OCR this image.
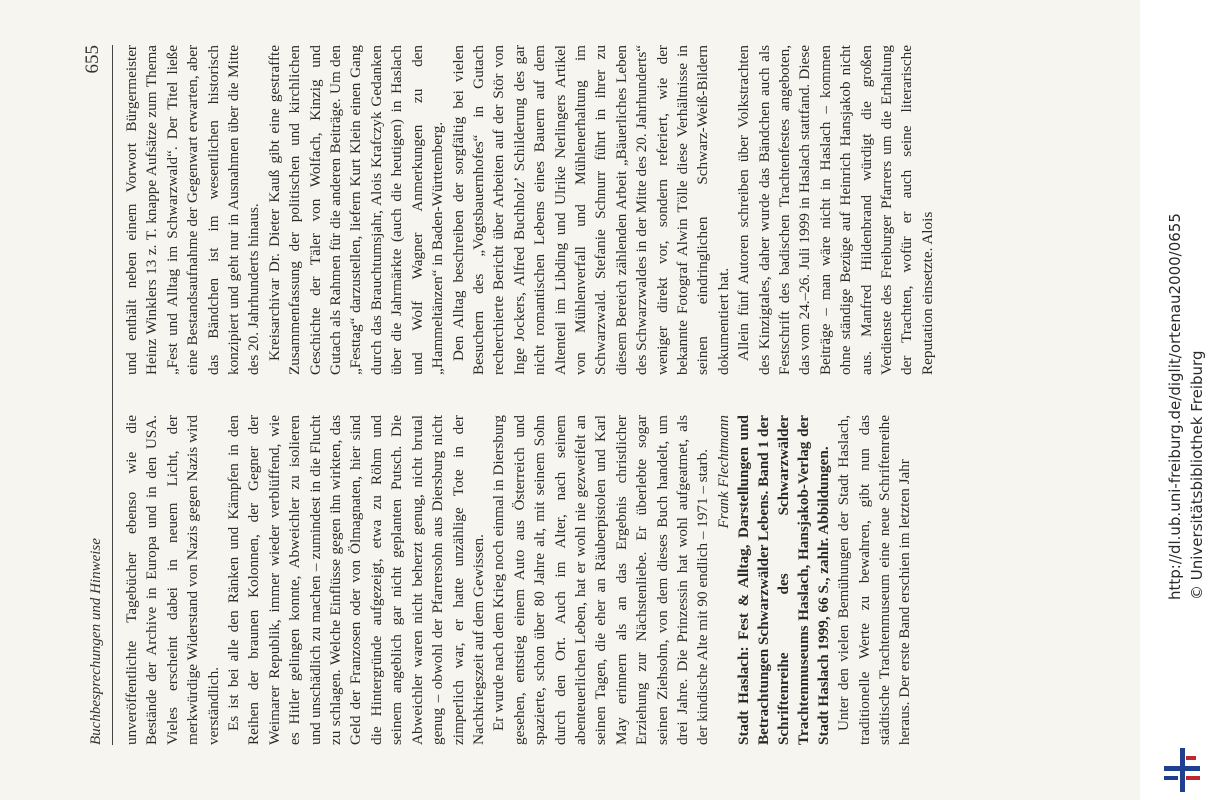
Buchbesprechungen und Hinweise
655

unveröffentlichte Tagebücher ebenso wie die Bestände der Archive in Europa und in den USA. Vieles erscheint dabei in neuem Licht, der merkwürdige Widerstand von Nazis gegen Nazis wird verständlich. Es ist bei alle den Ränken und Kämpfen in den Reihen der braunen Kolonnen, der Gegner der Weimarer Republik, immer wieder verblüffend, wie es Hitler gelingen konnte, Abweichler zu isolieren und unschädlich zu machen – zumindest in die Flucht zu schlagen. Welche Einflüsse gegen ihn wirkten, das Geld der Franzosen oder von Ölmagnaten, hier sind die Hintergründe aufgezeigt, etwa zu Röhm und seinem angeblich gar nicht geplanten Putsch. Die Abweichler waren nicht beherzt genug, nicht brutal genug – obwohl der Pfarrersohn aus Diersburg nicht zimperlich war, er hatte unzählige Tote in der Nachkriegszeit auf dem Gewissen. Er wurde nach dem Krieg noch einmal in Diersburg gesehen, entstieg einem Auto aus Österreich und spazierte, schon über 80 Jahre alt, mit seinem Sohn durch den Ort. Auch im Alter, nach seinem abenteuerlichen Leben, hat er wohl nie gezweifelt an seinen Tagen, die eher an Räuberpistolen und Karl May erinnern als an das Ergebnis christlicher Erziehung zur Nächstenliebe. Er überlebte sogar seinen Ziehsohn, von dem dieses Buch handelt, um drei Jahre. Die Prinzessin hat wohl aufgeatmet, als der kindische Alte mit 90 endlich – 1971 – starb. Frank Flechtmann Stadt Haslach: Fest & Alltag, Darstellungen und Betrachtungen Schwarzwälder Lebens. Band 1 der Schriftenreihe des Schwarzwälder Trachtenmuseums Haslach, Hansjakob-Verlag der Stadt Haslach 1999, 66 S., zahlr. Abbildungen. Unter den vielen Bemühungen der Stadt Haslach, traditionelle Werte zu bewahren, gibt nun das städtische Trachtenmuseum eine neue Schriftenreihe heraus. Der erste Band erschien im letzten Jahr

und enthält neben einem Vorwort Bürgermeister Heinz Winklers 13 z. T. knappe Aufsätze zum Thema „Fest und Alltag im Schwarzwald“. Der Titel ließe eine Bestandsaufnahme der Gegenwart erwarten, aber das Bändchen ist im wesentlichen historisch konzipiert und geht nur in Ausnahmen über die Mitte des 20. Jahrhunderts hinaus. Kreisarchivar Dr. Dieter Kauß gibt eine gestraffte Zusammenfassung der politischen und kirchlichen Geschichte der Täler von Wolfach, Kinzig und Gutach als Rahmen für die anderen Beiträge. Um den „Festtag“ darzustellen, liefern Kurt Klein einen Gang durch das Brauchtumsjahr, Alois Krafczyk Gedanken über die Jahrmärkte (auch die heutigen) in Haslach und Wolf Wagner Anmerkungen zu den „Hammeltänzen“ in Baden-Württemberg. Den Alltag beschreiben der sorgfältig bei vielen Besuchern des „Vogtsbauernhofes“ in Gutach recherchierte Bericht über Arbeiten auf der Stör von Inge Jockers, Alfred Buchholz’ Schilderung des gar nicht romantischen Lebens eines Bauern auf dem Altenteil im Libding und Ulrike Nerlingers Artikel von Mühlenverfall und Mühlenerhaltung im Schwarzwald. Stefanie Schnurr führt in ihrer zu diesem Bereich zählenden Arbeit „Bäuerliches Leben des Schwarzwaldes in der Mitte des 20. Jahrhunderts“ weniger direkt vor, sondern referiert, wie der bekannte Fotograf Alwin Tölle diese Verhältnisse in seinen eindringlichen Schwarz-Weiß-Bildern dokumentiert hat. Allein fünf Autoren schreiben über Volkstrachten des Kinzigtales, daher wurde das Bändchen auch als Festschrift des badischen Trachtenfestes angeboten, das vom 24.–26. Juli 1999 in Haslach stattfand. Diese Beiträge – man wäre nicht in Haslach – kommen ohne ständige Bezüge auf Heinrich Hansjakob nicht aus. Manfred Hildenbrand würdigt die großen Verdienste des Freiburger Pfarrers um die Erhaltung der Trachten, wofür er auch seine literarische Reputation einsetzte. Alois	http://dl.ub.uni-freiburg.de/diglit/ortenau2000/0655 © Universitätsbibliothek Freiburg
